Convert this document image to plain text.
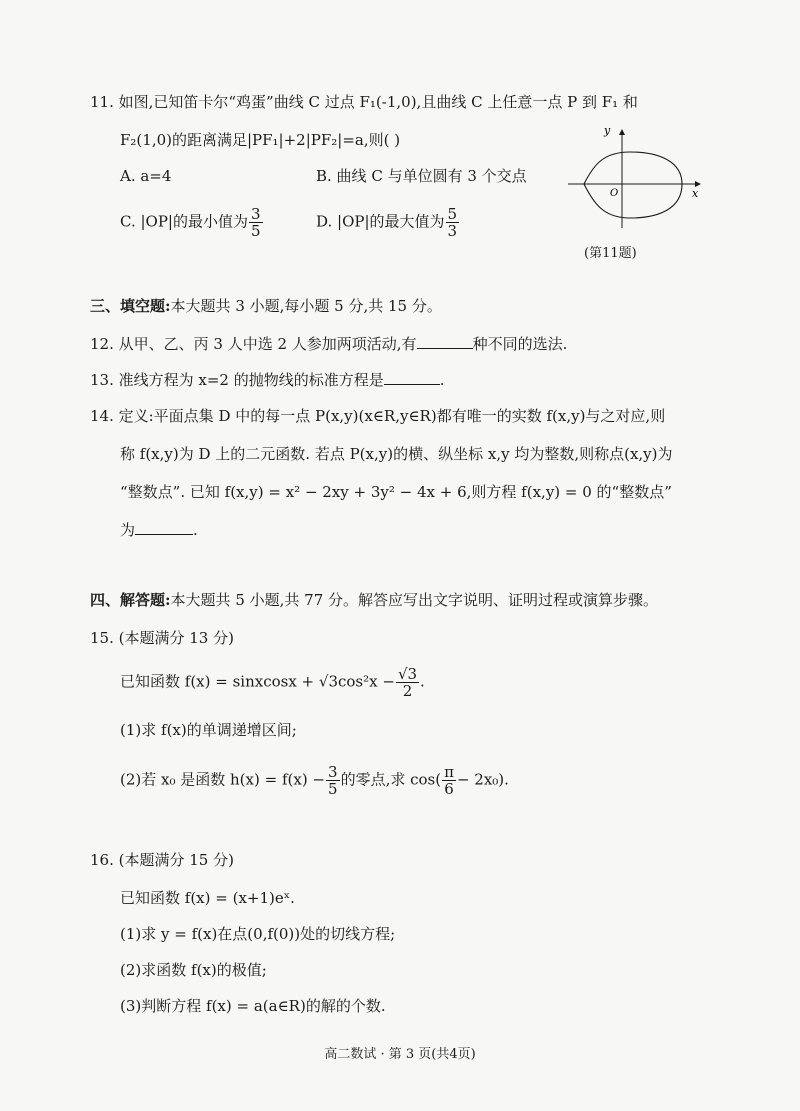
11. 如图,已知笛卡尔“鸡蛋”曲线 C 过点 F₁(-1,0),且曲线 C 上任意一点 P 到 F₁ 和
F₂(1,0)的距离满足|PF₁|+2|PF₂|=a,则( )
A. a=4	B. 曲线 C 与单位圆有 3 个交点
C. |OP|的最小值为 $\frac{3}{5}$	D. |OP|的最大值为 $\frac{5}{3}$
y
x
O
(第11题)
三、填空题:本大题共 3 小题,每小题 5 分,共 15 分。
12. 从甲、乙、丙 3 人中选 2 人参加两项活动,有	种不同的选法.
13. 准线方程为 x=2 的抛物线的标准方程是	.
14. 定义:平面点集 D 中的每一点 P(x,y)(x∈R,y∈R)都有唯一的实数 f(x,y)与之对应,则
称 f(x,y)为 D 上的二元函数. 若点 P(x,y)的横、纵坐标 x,y 均为整数,则称点(x,y)为
“整数点”. 已知 f(x,y) = x² − 2xy + 3y² − 4x + 6,则方程 f(x,y) = 0 的“整数点”
为	.
四、解答题:本大题共 5 小题,共 77 分。解答应写出文字说明、证明过程或演算步骤。
15. (本题满分 13 分)
已知函数 f(x) = sinxcosx + $√3\cos^2x - \frac{√3}{2}$ .
(1)求 f(x)的单调递增区间;
(2)若 x₀ 是函数 $h(x) = f(x) - \frac{3}{5}$ 的零点,求 $\cos( \frac{\pi}{6} - 2x_0)$.
16. (本题满分 15 分)
已知函数 f(x) = (x+1)eˣ.
(1)求 y = f(x)在点(0,f(0))处的切线方程;
(2)求函数 f(x)的极值;
(3)判断方程 f(x) = a(a∈R)的解的个数.
高二数试 · 第 3 页(共4页)
